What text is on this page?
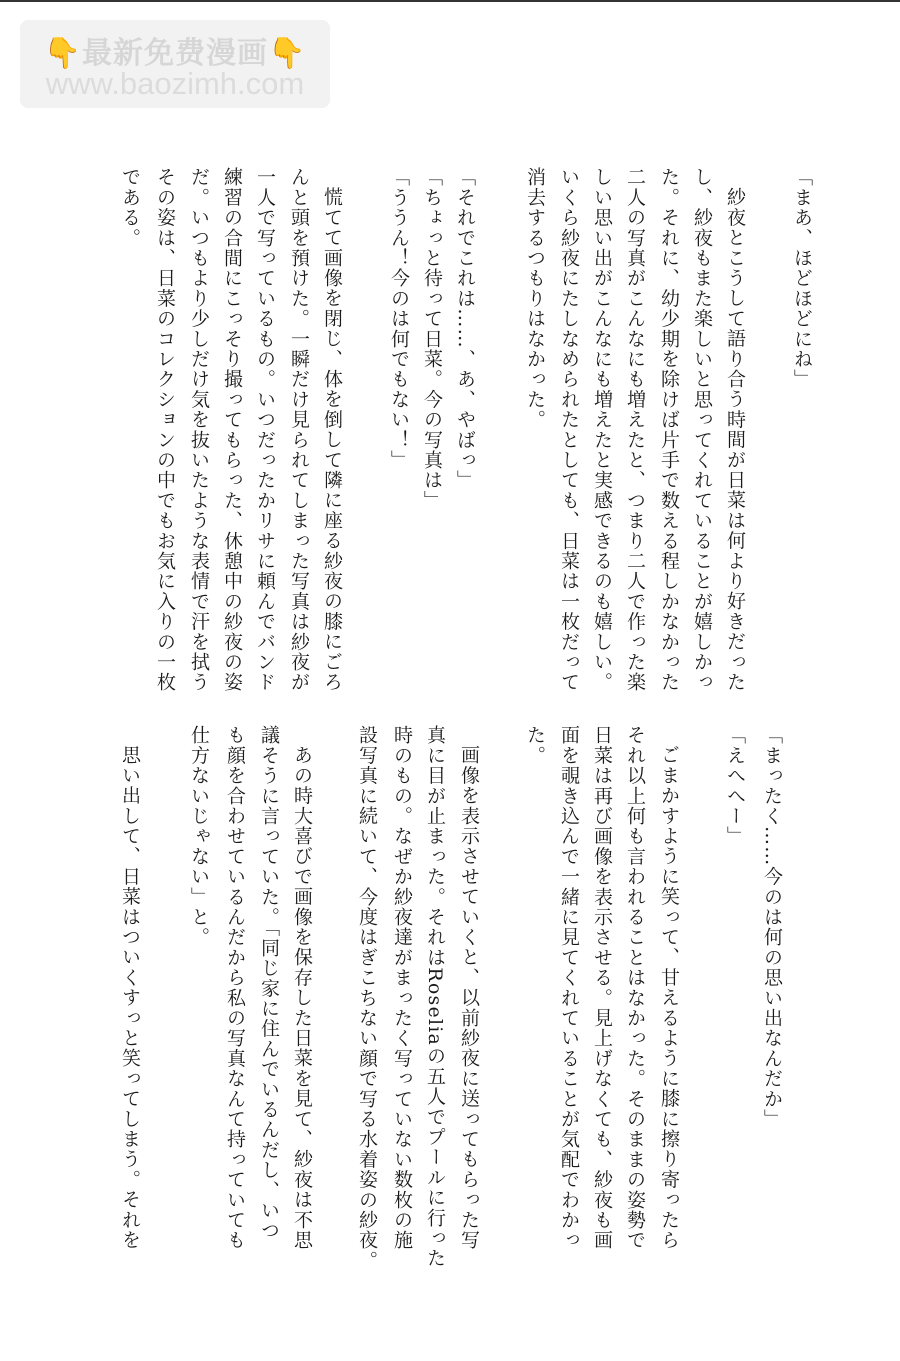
👇最新免费漫画👇
www.baozimh.com
「まあ、ほどほどにね」
紗夜とこうして語り合う時間が日菜は何より好きだった
し、紗夜もまた楽しいと思ってくれていることが嬉しかっ
た。それに、幼少期を除けば片手で数える程しかなかった
二人の写真がこんなにも増えたと、つまり二人で作った楽
しい思い出がこんなにも増えたと実感できるのも嬉しい。
いくら紗夜にたしなめられたとしても、日菜は一枚だって
消去するつもりはなかった。
「それでこれは……、あ、やばっ」
「ちょっと待って日菜。今の写真は」
「ううん！今のは何でもない！」
慌てて画像を閉じ、体を倒して隣に座る紗夜の膝にごろ
んと頭を預けた。一瞬だけ見られてしまった写真は紗夜が
一人で写っているもの。いつだったかリサに頼んでバンド
練習の合間にこっそり撮ってもらった、休憩中の紗夜の姿
だ。いつもより少しだけ気を抜いたような表情で汗を拭う
その姿は、日菜のコレクションの中でもお気に入りの一枚
である。
「まったく……今のは何の思い出なんだか」
「えへへー」
ごまかすように笑って、甘えるように膝に擦り寄ったら
それ以上何も言われることはなかった。そのままの姿勢で
日菜は再び画像を表示させる。見上げなくても、紗夜も画
面を覗き込んで一緒に見てくれていることが気配でわかっ
た。
画像を表示させていくと、以前紗夜に送ってもらった写
真に目が止まった。それはRoseliaの五人でプールに行った
時のもの。なぜか紗夜達がまったく写っていない数枚の施
設写真に続いて、今度はぎこちない顔で写る水着姿の紗夜。
あの時大喜びで画像を保存した日菜を見て、紗夜は不思
議そうに言っていた。「同じ家に住んでいるんだし、いつ
も顔を合わせているんだから私の写真なんて持っていても
仕方ないじゃない」と。
思い出して、日菜はついくすっと笑ってしまう。それを
